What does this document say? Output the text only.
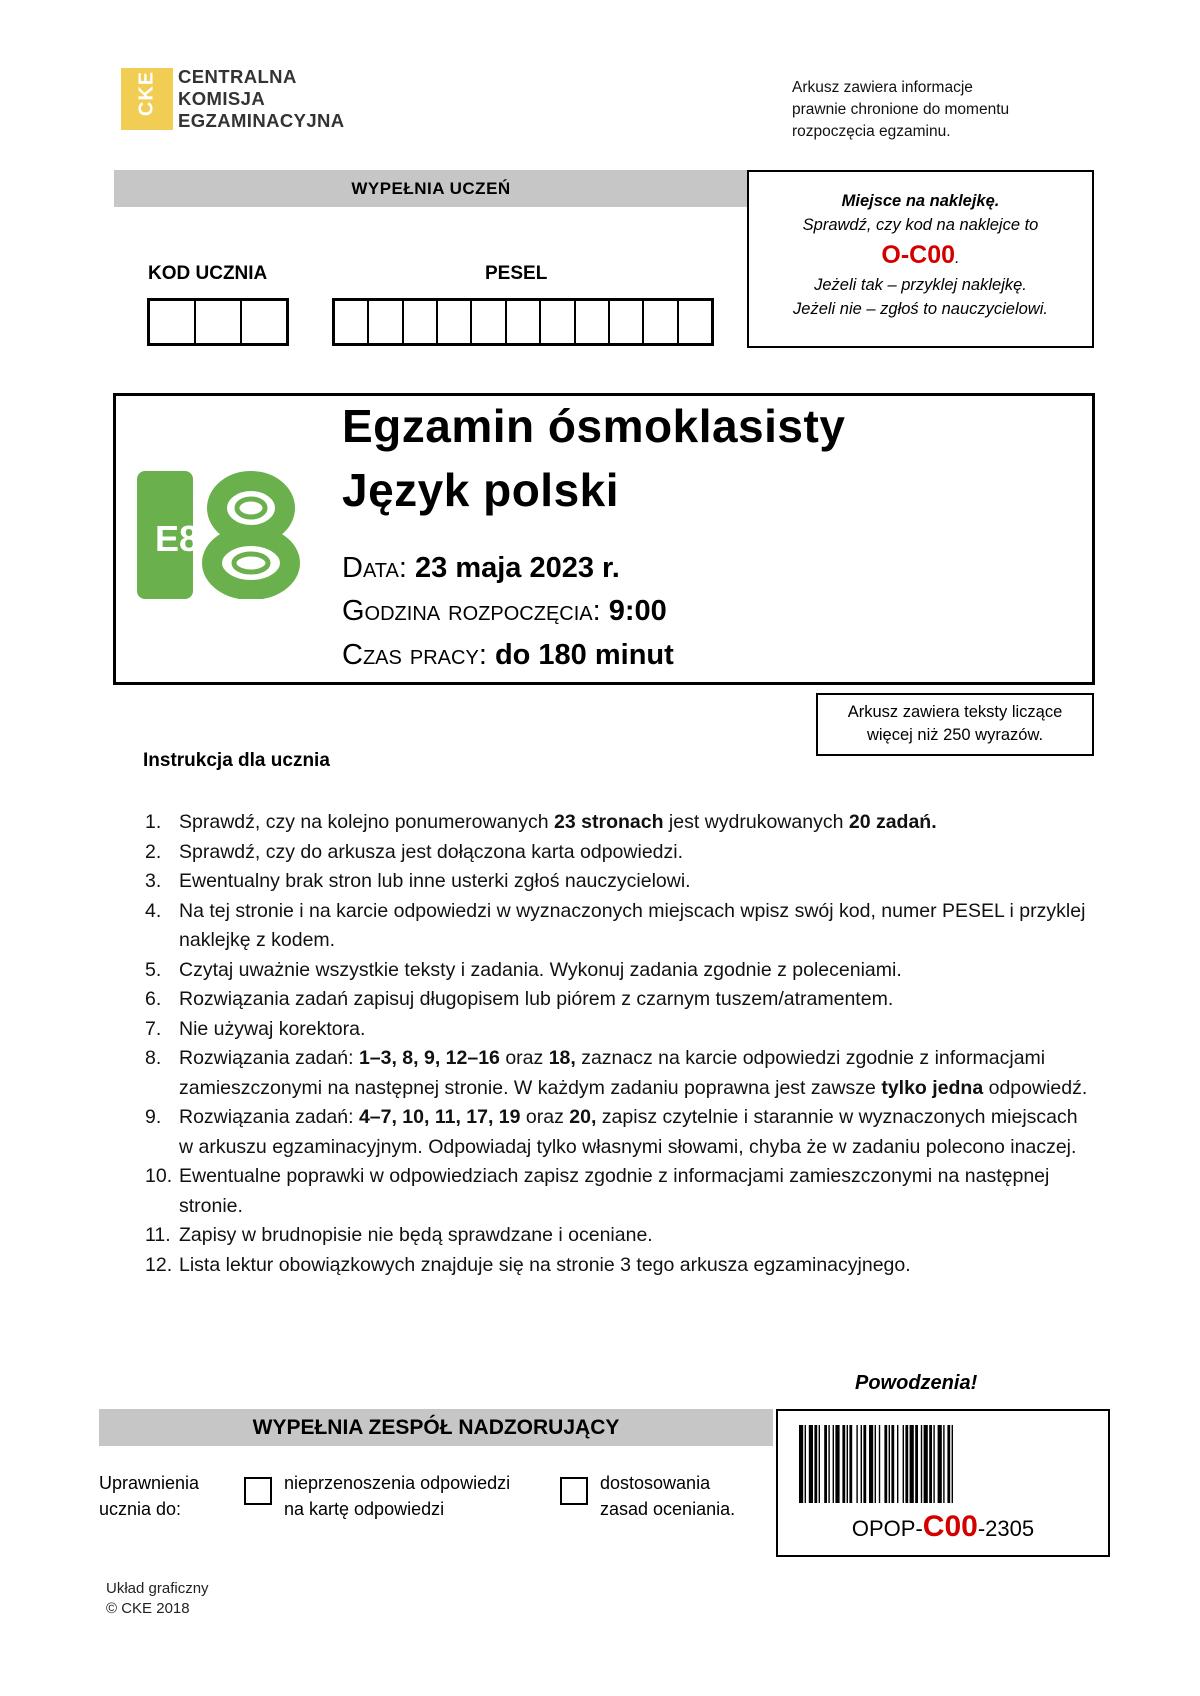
CKE CENTRALNA
KOMISJA
EGZAMINACYJNA
Arkusz zawiera informacje
prawnie chronione do momentu
rozpoczęcia egzaminu.
WYPEŁNIA UCZEŃ
KOD UCZNIA	PESEL
Miejsce na naklejkę.
Sprawdź, czy kod na naklejce to
O-C00.
Jeżeli tak – przyklej naklejkę.
Jeżeli nie – zgłoś to nauczycielowi.
E8
Egzamin ósmoklasisty
Język polski
Data: 23 maja 2023 r.
Godzina rozpoczęcia: 9:00
Czas pracy: do 180 minut
Arkusz zawiera teksty liczące
więcej niż 250 wyrazów.
Instrukcja dla ucznia
1. Sprawdź, czy na kolejno ponumerowanych 23 stronach jest wydrukowanych 20 zadań.
2. Sprawdź, czy do arkusza jest dołączona karta odpowiedzi.
3. Ewentualny brak stron lub inne usterki zgłoś nauczycielowi.
4. Na tej stronie i na karcie odpowiedzi w wyznaczonych miejscach wpisz swój kod, numer PESEL i przyklej naklejkę z kodem.
5. Czytaj uważnie wszystkie teksty i zadania. Wykonuj zadania zgodnie z poleceniami.
6. Rozwiązania zadań zapisuj długopisem lub piórem z czarnym tuszem/atramentem.
7. Nie używaj korektora.
8. Rozwiązania zadań: 1–3, 8, 9, 12–16 oraz 18, zaznacz na karcie odpowiedzi zgodnie z informacjami zamieszczonymi na następnej stronie. W każdym zadaniu poprawna jest zawsze tylko jedna odpowiedź.
9. Rozwiązania zadań: 4–7, 10, 11, 17, 19 oraz 20, zapisz czytelnie i starannie w wyznaczonych miejscach w arkuszu egzaminacyjnym. Odpowiadaj tylko własnymi słowami, chyba że w zadaniu polecono inaczej.
10. Ewentualne poprawki w odpowiedziach zapisz zgodnie z informacjami zamieszczonymi na następnej stronie.
11. Zapisy w brudnopisie nie będą sprawdzane i oceniane.
12. Lista lektur obowiązkowych znajduje się na stronie 3 tego arkusza egzaminacyjnego.
Powodzenia!
WYPEŁNIA ZESPÓŁ NADZORUJĄCY
Uprawnienia
ucznia do:
nieprzenoszenia odpowiedzi
na kartę odpowiedzi
dostosowania
zasad oceniania.
OPOP-C00-2305
Układ graficzny
© CKE 2018
